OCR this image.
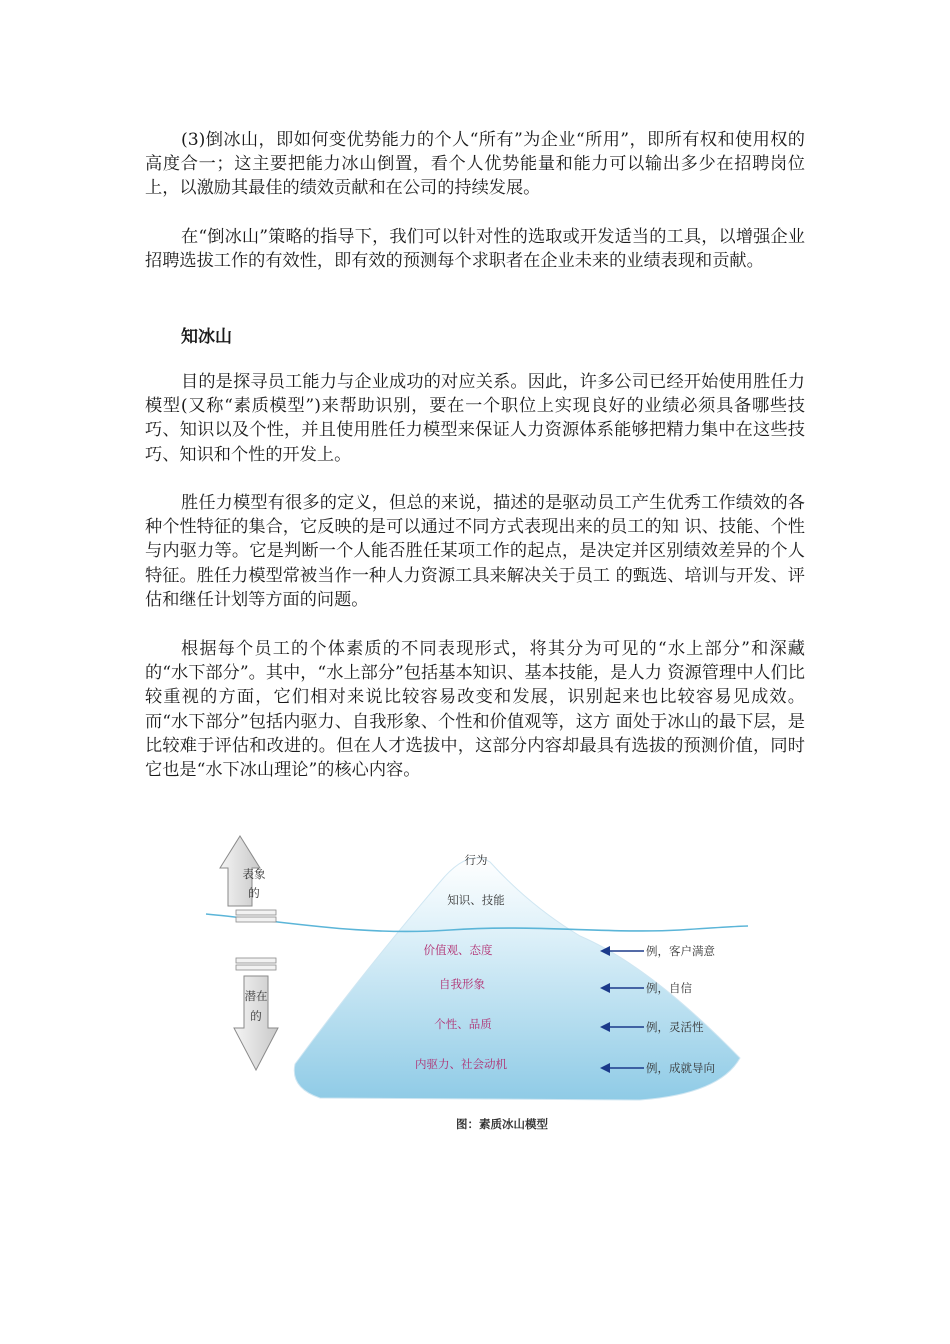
(3)倒冰山，即如何变优势能力的个人“所有”为企业“所用”，即所有权和使用权的高度合一；这主要把能力冰山倒置，看个人优势能量和能力可以输出多少在招聘岗位上，以激励其最佳的绩效贡献和在公司的持续发展。

在“倒冰山”策略的指导下，我们可以针对性的选取或开发适当的工具，以增强企业招聘选拔工作的有效性，即有效的预测每个求职者在企业未来的业绩表现和贡献。

知冰山

目的是探寻员工能力与企业成功的对应关系。因此，许多公司已经开始使用胜任力模型(又称“素质模型”)来帮助识别，要在一个职位上实现良好的业绩必须具备哪些技巧、知识以及个性，并且使用胜任力模型来保证人力资源体系能够把精力集中在这些技巧、知识和个性的开发上。

胜任力模型有很多的定义，但总的来说，描述的是驱动员工产生优秀工作绩效的各种个性特征的集合，它反映的是可以通过不同方式表现出来的员工的知 识、技能、个性与内驱力等。它是判断一个人能否胜任某项工作的起点，是决定并区别绩效差异的个人特征。胜任力模型常被当作一种人力资源工具来解决关于员工 的甄选、培训与开发、评估和继任计划等方面的问题。

根据每个员工的个体素质的不同表现形式，将其分为可见的“水上部分”和深藏的“水下部分”。其中，“水上部分”包括基本知识、基本技能，是人力 资源管理中人们比较重视的方面，它们相对来说比较容易改变和发展，识别起来也比较容易见成效。而“水下部分”包括内驱力、自我形象、个性和价值观等，这方 面处于冰山的最下层，是比较难于评估和改进的。但在人才选拔中，这部分内容却最具有选拔的预测价值，同时它也是“水下冰山理论”的核心内容。

表象
的
潜在
的
行为
知识、技能
价值观、态度
自我形象
个性、品质
内驱力、社会动机
例，客户满意
例，自信
例，灵活性
例，成就导向
图：素质冰山模型
